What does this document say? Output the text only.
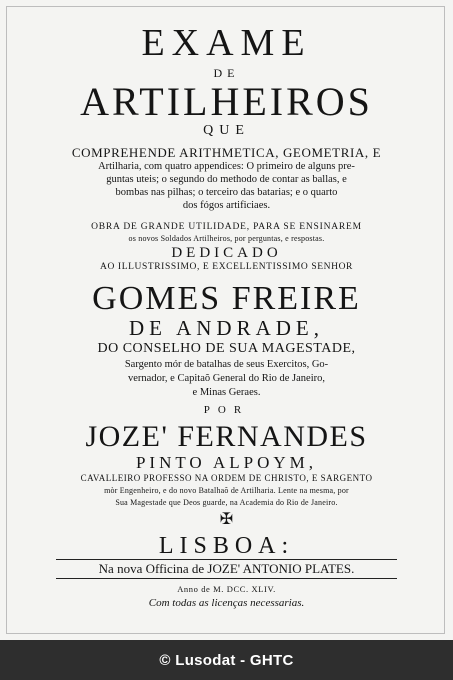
EXAME
DE
ARTILHEIROS
QUE
COMPREHENDE ARITHMETICA, GEOMETRIA, E
Artilharia, com quatro appendices: O primeiro de alguns pre-
guntas uteis; o segundo do methodo de contar as ballas, e
bombas nas pilhas; o terceiro das batarias; e o quarto
dos fógos artificiaes.
OBRA DE GRANDE UTILIDADE, PARA SE ENSINAREM
os novos Soldados Artilheiros, por perguntas, e respostas.
DEDICADO
AO ILLUSTRISSIMO, E EXCELLENTISSIMO SENHOR
GOMES FREIRE
DE ANDRADE,
DO CONSELHO DE SUA MAGESTADE,
Sargento mór de batalhas de seus Exercitos, Go-
vernador, e Capitaõ General do Rio de Janeiro,
e Minas Geraes.
POR
JOZE' FERNANDES
PINTO ALPOYM,
CAVALLEIRO PROFESSO NA ORDEM DE CHRISTO, E SARGENTO
mòr Engenheiro, e do novo Batalhaõ de Artilharia. Lente na mesma, por
Sua Magestade que Deos guarde, na Academia do Rio de Janeiro.
✠
LISBOA:
Na nova Officina de JOZE' ANTONIO PLATES.
Anno de M. DCC. XLIV.
Com todas as licenças necessarias.
© Lusodat - GHTC
